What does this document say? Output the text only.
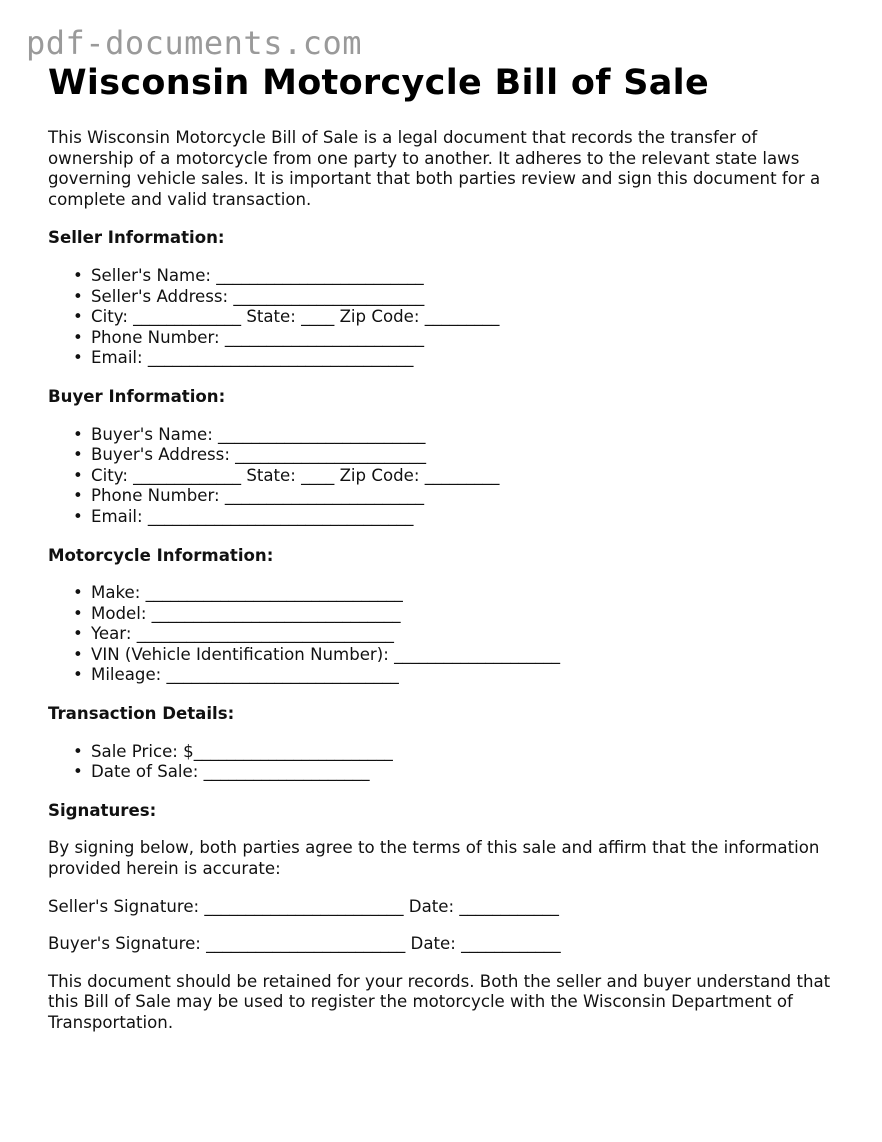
pdf-documents.com
Wisconsin Motorcycle Bill of Sale

This Wisconsin Motorcycle Bill of Sale is a legal document that records the transfer of ownership of a motorcycle from one party to another. It adheres to the relevant state laws governing vehicle sales. It is important that both parties review and sign this document for a complete and valid transaction.

Seller Information:
• Seller's Name: _________________________
• Seller's Address: _______________________
• City: _____________ State: ____ Zip Code: _________
• Phone Number: ________________________
• Email: ________________________________
Buyer Information:
• Buyer's Name: _________________________
• Buyer's Address: _______________________
• City: _____________ State: ____ Zip Code: _________
• Phone Number: ________________________
• Email: ________________________________
Motorcycle Information:
• Make: _______________________________
• Model: ______________________________
• Year: _______________________________
• VIN (Vehicle Identification Number): ____________________
• Mileage: ____________________________
Transaction Details:
• Sale Price: $________________________
• Date of Sale: ____________________
Signatures:

By signing below, both parties agree to the terms of this sale and affirm that the information provided herein is accurate:

Seller's Signature: ________________________ Date: ____________

Buyer's Signature: ________________________ Date: ____________

This document should be retained for your records. Both the seller and buyer understand that this Bill of Sale may be used to register the motorcycle with the Wisconsin Department of Transportation.
